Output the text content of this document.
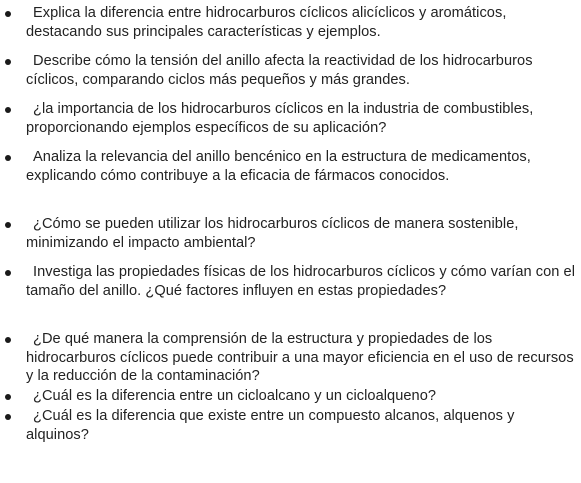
Explica la diferencia entre hidrocarburos cíclicos alicíclicos y aromáticos, destacando sus principales características y ejemplos.
Describe cómo la tensión del anillo afecta la reactividad de los hidrocarburos cíclicos, comparando ciclos más pequeños y más grandes.
¿la importancia de los hidrocarburos cíclicos en la industria de combustibles, proporcionando ejemplos específicos de su aplicación?
Analiza la relevancia del anillo bencénico en la estructura de medicamentos, explicando cómo contribuye a la eficacia de fármacos conocidos.
¿Cómo se pueden utilizar los hidrocarburos cíclicos de manera sostenible, minimizando el impacto ambiental?
Investiga las propiedades físicas de los hidrocarburos cíclicos y cómo varían con el tamaño del anillo. ¿Qué factores influyen en estas propiedades?
¿De qué manera la comprensión de la estructura y propiedades de los hidrocarburos cíclicos puede contribuir a una mayor eficiencia en el uso de recursos y la reducción de la contaminación?
¿Cuál es la diferencia entre un cicloalcano y un cicloalqueno?
¿Cuál es la diferencia que existe entre un compuesto alcanos, alquenos y alquinos?
